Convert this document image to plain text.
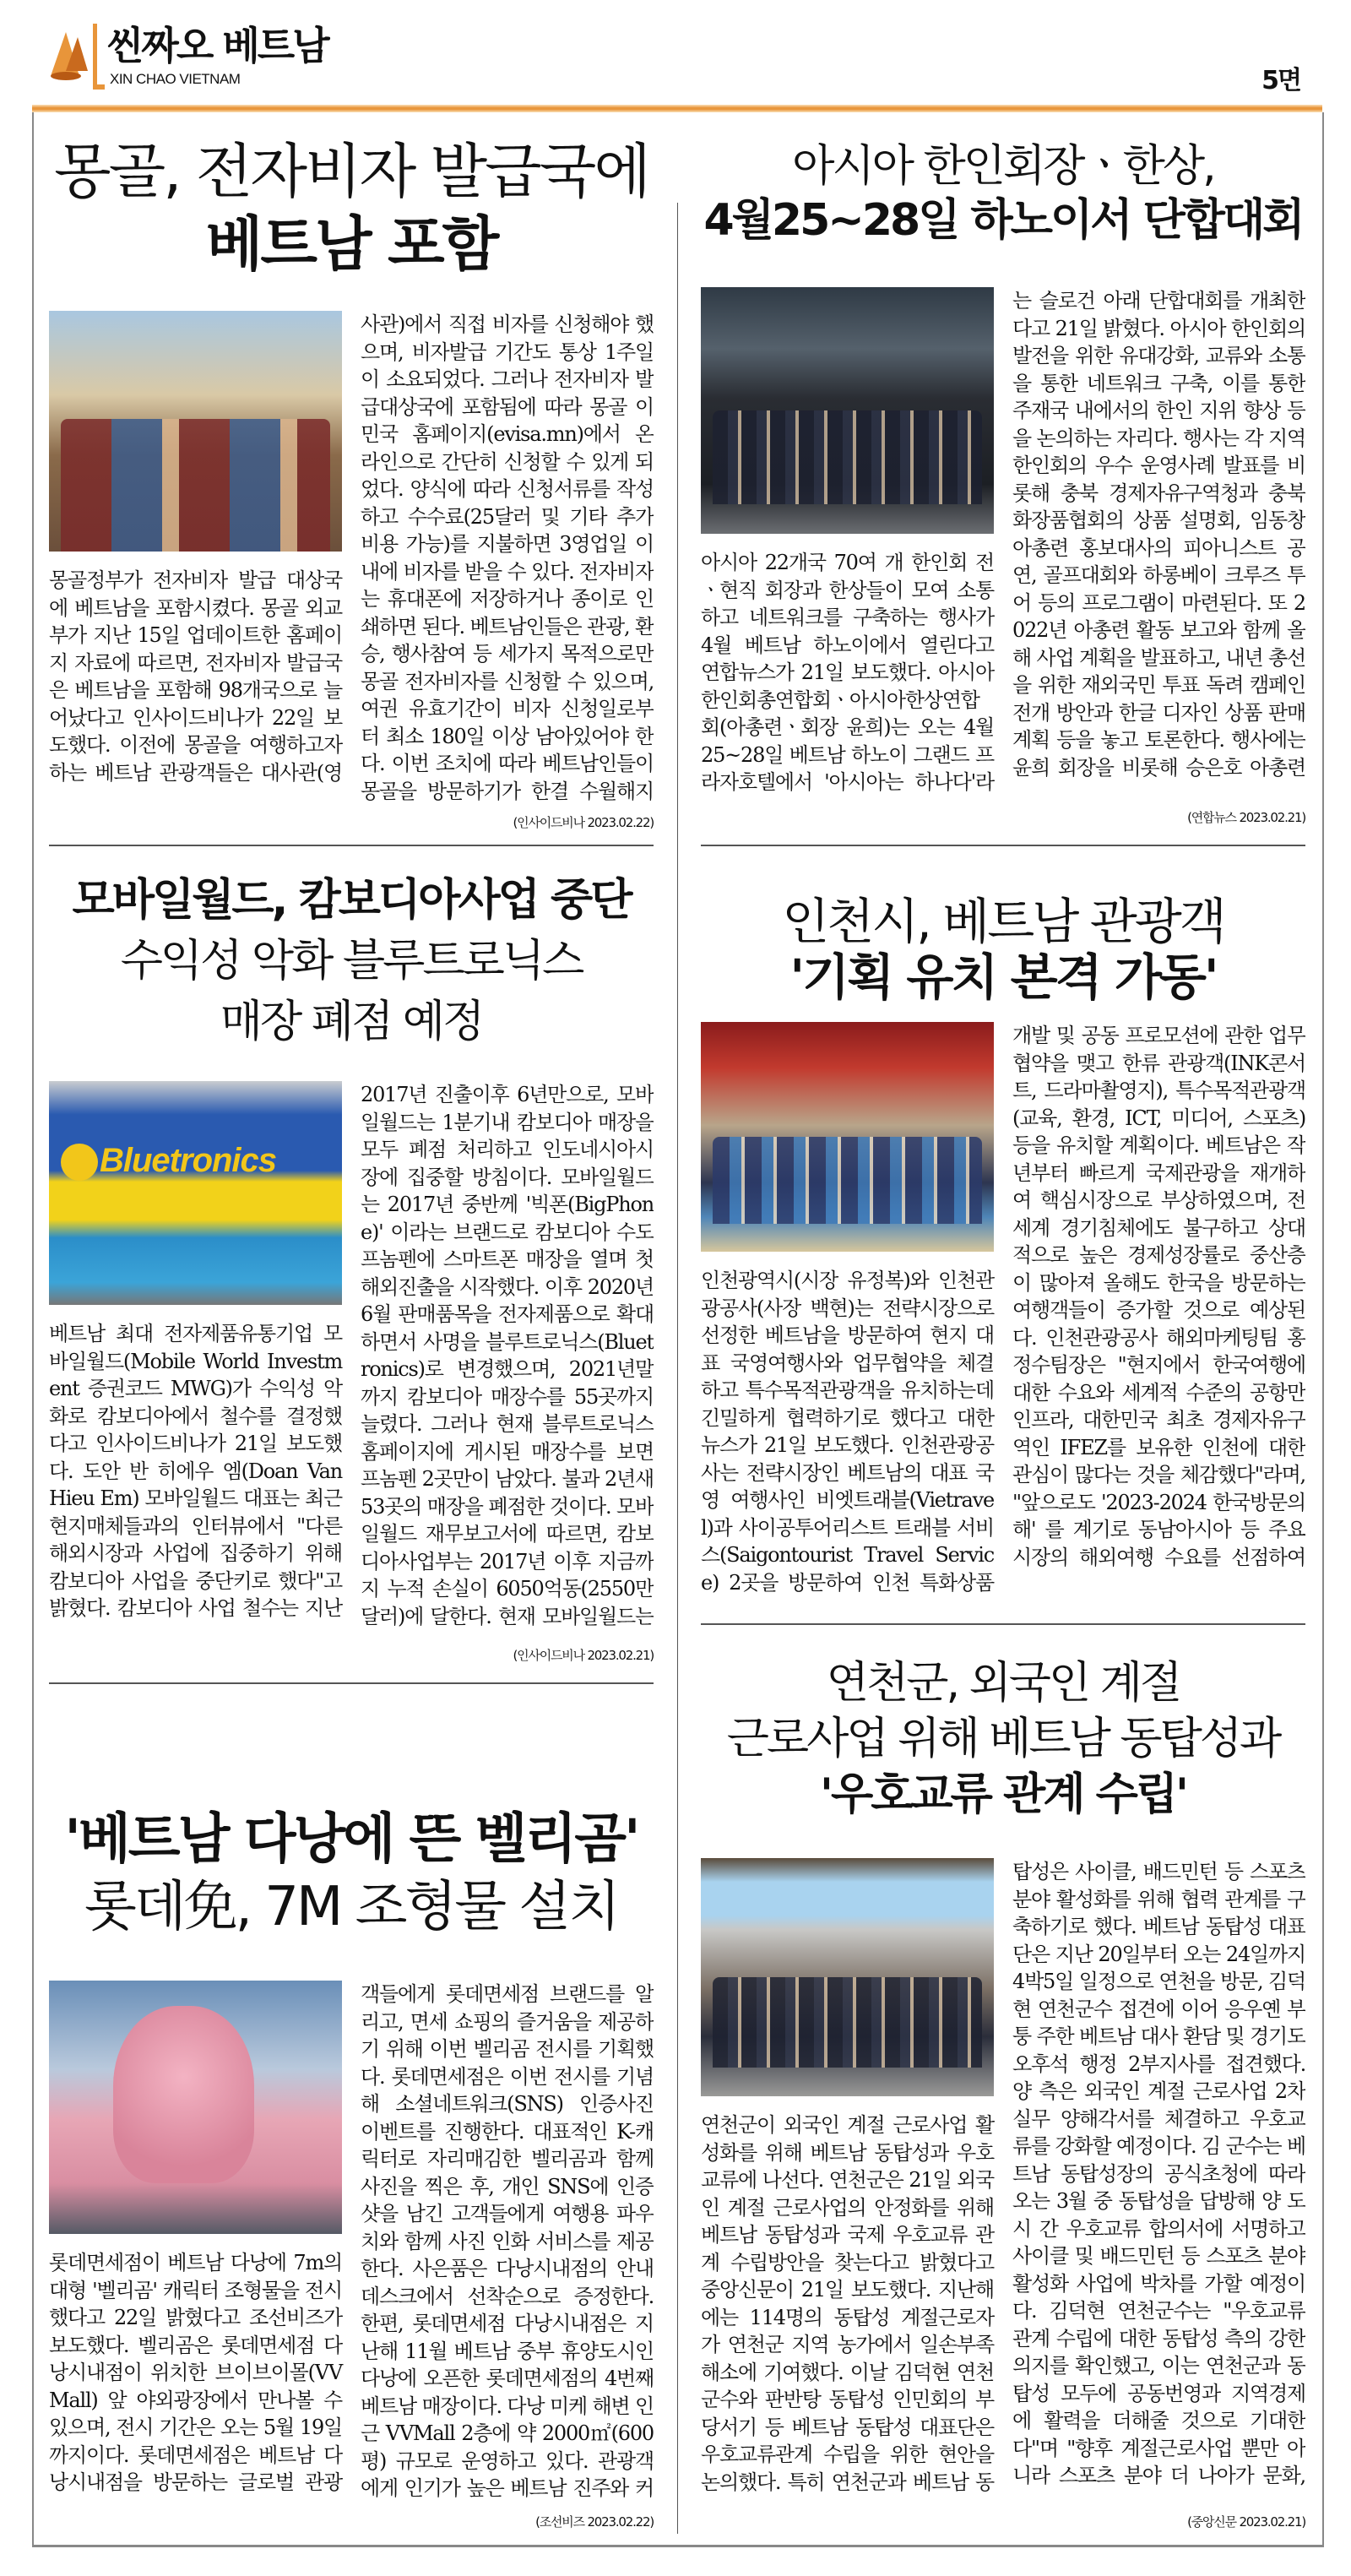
씬짜오 베트남
XIN CHAO VIETNAM	5면
몽골, 전자비자 발급국에
베트남 포함
몽골정부가 전자비자 발급 대상국에 베트남을 포함시켰다. 몽골 외교부가 지난 15일 업데이트한 홈페이지 자료에 따르면, 전자비자 발급국은 베트남을 포함해 98개국으로 늘어났다고 인사이드비나가 22일 보도했다. 이전에 몽골을 여행하고자 하는 베트남 관광객들은 대사관(영사관)에서 직접 비자를 신청해야 했으며, 비자발급 기간도 통상 1주일이 소요되었다. 그러나 전자비자 발급대상국에 포함됨에 따라 몽골 이민국 홈페이지(evisa.mn)에서 온라인으로 간단히 신청할 수 있게 되었다. 양식에 따라 신청서류를 작성하고 수수료(25달러 및 기타 추가비용 가능)를 지불하면 3영업일 이내에 비자를 받을 수 있다. 전자비자는 휴대폰에 저장하거나 종이로 인쇄하면 된다. 베트남인들은 관광, 환승, 행사참여 등 세가지 목적으로만 몽골 전자비자를 신청할 수 있으며, 여권 유효기간이 비자 신청일로부터 최소 180일 이상 남아있어야 한다. 이번 조치에 따라 베트남인들이 몽골을 방문하기가 한결 수월해지
(인사이드비나 2023.02.22)
아시아 한인회장ㆍ한상,
4월25~28일 하노이서 단합대회
아시아 22개국 70여 개 한인회 전ㆍ현직 회장과 한상들이 모여 소통하고 네트워크를 구축하는 행사가 4월 베트남 하노이에서 열린다고 연합뉴스가 21일 보도했다. 아시아한인회총연합회ㆍ아시아한상연합회(아총련ㆍ회장 윤희)는 오는 4월 25~28일 베트남 하노이 그랜드 프라자호텔에서 '아시아는 하나다'라는 슬로건 아래 단합대회를 개최한다고 21일 밝혔다. 아시아 한인회의 발전을 위한 유대강화, 교류와 소통을 통한 네트워크 구축, 이를 통한 주재국 내에서의 한인 지위 향상 등을 논의하는 자리다. 행사는 각 지역 한인회의 우수 운영사례 발표를 비롯해 충북 경제자유구역청과 충북 화장품협회의 상품 설명회, 임동창 아총련 홍보대사의 피아니스트 공연, 골프대회와 하롱베이 크루즈 투어 등의 프로그램이 마련된다. 또 2022년 아총련 활동 보고와 함께 올해 사업 계획을 발표하고, 내년 총선을 위한 재외국민 투표 독려 캠페인 전개 방안과 한글 디자인 상품 판매 계획 등을 놓고 토론한다. 행사에는 윤희 회장을 비롯해 승은호 아총련
(연합뉴스 2023.02.21)
모바일월드, 캄보디아사업 중단
수익성 악화 블루트로닉스
매장 폐점 예정
Bluetronics
베트남 최대 전자제품유통기업 모바일월드(Mobile World Investment 증권코드 MWG)가 수익성 악화로 캄보디아에서 철수를 결정했다고 인사이드비나가 21일 보도했다. 도안 반 히에우 엠(Doan Van Hieu Em) 모바일월드 대표는 최근 현지매체들과의 인터뷰에서 "다른 해외시장과 사업에 집중하기 위해 캄보디아 사업을 중단키로 했다"고 밝혔다. 캄보디아 사업 철수는 지난 2017년 진출이후 6년만으로, 모바일월드는 1분기내 캄보디아 매장을 모두 폐점 처리하고 인도네시아시장에 집중할 방침이다. 모바일월드는 2017년 중반께 '빅폰(BigPhone)' 이라는 브랜드로 캄보디아 수도 프놈펜에 스마트폰 매장을 열며 첫 해외진출을 시작했다. 이후 2020년 6월 판매품목을 전자제품으로 확대하면서 사명을 블루트로닉스(Bluetronics)로 변경했으며, 2021년말까지 캄보디아 매장수를 55곳까지 늘렸다. 그러나 현재 블루트로닉스 홈페이지에 게시된 매장수를 보면 프놈펜 2곳만이 남았다. 불과 2년새 53곳의 매장을 폐점한 것이다. 모바일월드 재무보고서에 따르면, 캄보디아사업부는 2017년 이후 지금까지 누적 손실이 6050억동(2550만달러)에 달한다. 현재 모바일월드는
(인사이드비나 2023.02.21)
인천시, 베트남 관광객
'기획 유치 본격 가동'
인천광역시(시장 유정복)와 인천관광공사(사장 백현)는 전략시장으로 선정한 베트남을 방문하여 현지 대표 국영여행사와 업무협약을 체결하고 특수목적관광객을 유치하는데 긴밀하게 협력하기로 했다고 대한뉴스가 21일 보도했다. 인천관광공사는 전략시장인 베트남의 대표 국영 여행사인 비엣트래블(Vietravel)과 사이공투어리스트 트래블 서비스(Saigontourist Travel Service) 2곳을 방문하여 인천 특화상품 개발 및 공동 프로모션에 관한 업무협약을 맺고 한류 관광객(INK콘서트, 드라마촬영지), 특수목적관광객(교육, 환경, ICT, 미디어, 스포츠) 등을 유치할 계획이다. 베트남은 작년부터 빠르게 국제관광을 재개하여 핵심시장으로 부상하였으며, 전 세계 경기침체에도 불구하고 상대적으로 높은 경제성장률로 중산층이 많아져 올해도 한국을 방문하는 여행객들이 증가할 것으로 예상된다. 인천관광공사 해외마케팅팀 홍정수팀장은 "현지에서 한국여행에 대한 수요와 세계적 수준의 공항만 인프라, 대한민국 최초 경제자유구역인 IFEZ를 보유한 인천에 대한 관심이 많다는 것을 체감했다"라며, "앞으로도 '2023-2024 한국방문의 해' 를 계기로 동남아시아 등 주요 시장의 해외여행 수요를 선점하여
연천군, 외국인 계절
근로사업 위해 베트남 동탑성과
'우호교류 관계 수립'
연천군이 외국인 계절 근로사업 활성화를 위해 베트남 동탑성과 우호 교류에 나선다. 연천군은 21일 외국인 계절 근로사업의 안정화를 위해 베트남 동탑성과 국제 우호교류 관계 수립방안을 찾는다고 밝혔다고 중앙신문이 21일 보도했다. 지난해에는 114명의 동탑성 계절근로자가 연천군 지역 농가에서 일손부족 해소에 기여했다. 이날 김덕현 연천군수와 판반탕 동탑성 인민회의 부당서기 등 베트남 동탑성 대표단은 우호교류관계 수립을 위한 현안을 논의했다. 특히 연천군과 베트남 동탑성은 사이클, 배드민턴 등 스포츠 분야 활성화를 위해 협력 관계를 구축하기로 했다. 베트남 동탑성 대표단은 지난 20일부터 오는 24일까지 4박5일 일정으로 연천을 방문, 김덕현 연천군수 접견에 이어 응우옌 부 퉁 주한 베트남 대사 환담 및 경기도 오후석 행정 2부지사를 접견했다. 양 측은 외국인 계절 근로사업 2차 실무 양해각서를 체결하고 우호교류를 강화할 예정이다. 김 군수는 베트남 동탑성장의 공식초청에 따라 오는 3월 중 동탑성을 답방해 양 도시 간 우호교류 합의서에 서명하고 사이클 및 배드민턴 등 스포츠 분야 활성화 사업에 박차를 가할 예정이다. 김덕현 연천군수는 "우호교류 관계 수립에 대한 동탑성 측의 강한 의지를 확인했고, 이는 연천군과 동탑성 모두에 공동번영과 지역경제에 활력을 더해줄 것으로 기대한다"며 "향후 계절근로사업 뿐만 아니라 스포츠 분야 더 나아가 문화,
(중앙신문 2023.02.21)
'베트남 다낭에 뜬 벨리곰'
롯데免, 7M 조형물 설치
롯데면세점이 베트남 다낭에 7m의 대형 '벨리곰' 캐릭터 조형물을 전시했다고 22일 밝혔다고 조선비즈가 보도했다. 벨리곰은 롯데면세점 다낭시내점이 위치한 브이브이몰(VVMall) 앞 야외광장에서 만나볼 수 있으며, 전시 기간은 오는 5월 19일까지이다. 롯데면세점은 베트남 다낭시내점을 방문하는 글로벌 관광객들에게 롯데면세점 브랜드를 알리고, 면세 쇼핑의 즐거움을 제공하기 위해 이번 벨리곰 전시를 기획했다. 롯데면세점은 이번 전시를 기념해 소셜네트워크(SNS) 인증사진 이벤트를 진행한다. 대표적인 K-캐릭터로 자리매김한 벨리곰과 함께 사진을 찍은 후, 개인 SNS에 인증샷을 남긴 고객들에게 여행용 파우치와 함께 사진 인화 서비스를 제공한다. 사은품은 다낭시내점의 안내데스크에서 선착순으로 증정한다. 한편, 롯데면세점 다낭시내점은 지난해 11월 베트남 중부 휴양도시인 다낭에 오픈한 롯데면세점의 4번째 베트남 매장이다. 다낭 미케 해변 인근 VVMall 2층에 약 2000㎡(600평) 규모로 운영하고 있다. 관광객에게 인기가 높은 베트남 진주와 커
(조선비즈 2023.02.22)
